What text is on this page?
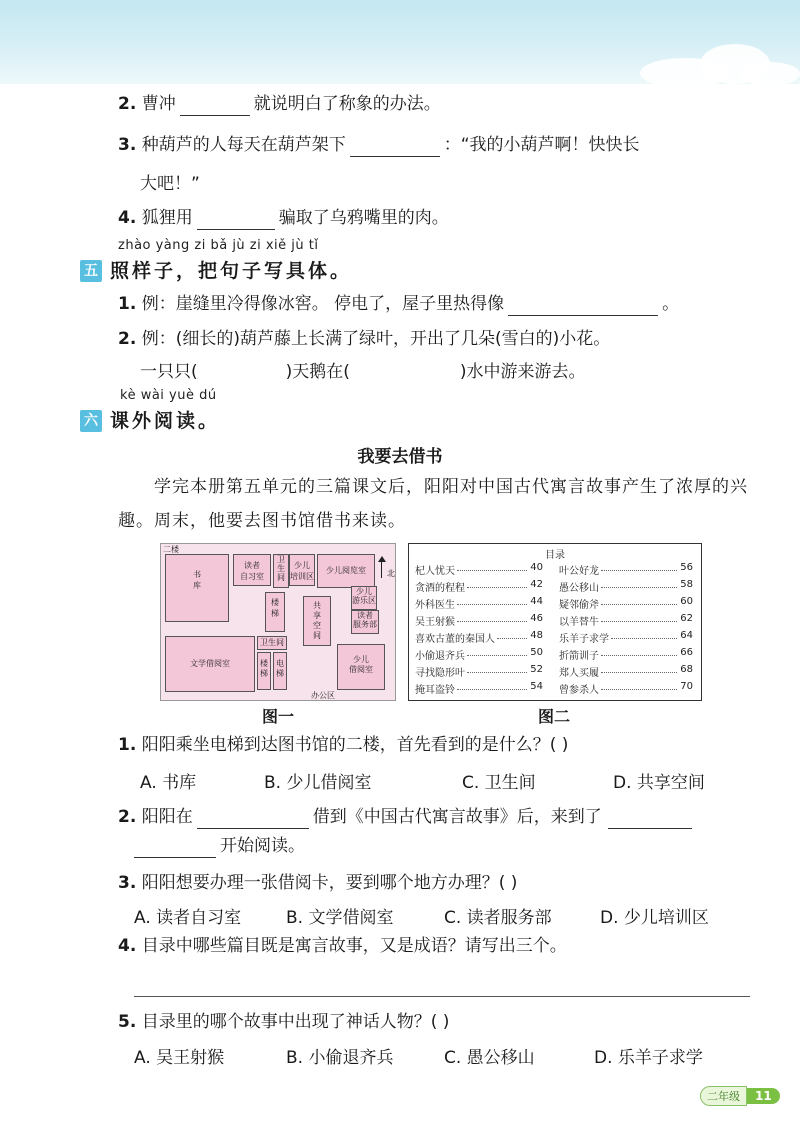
2. 曹冲	就说明白了称象的办法。
3. 种葫芦的人每天在葫芦架下	：“我的小葫芦啊！快快长
大吧！”
4. 狐狸用	骗取了乌鸦嘴里的肉。
zhào yàng zi bǎ jù zi xiě jù tǐ
五 照样子，把句子写具体。
1. 例：崖缝里冷得像冰窖。 停电了，屋子里热得像	。
2. 例：(细长的)葫芦藤上长满了绿叶，开出了几朵(雪白的)小花。
一只只(	)天鹅在(	)水中游来游去。
kè wài yuè dú
六 课外阅读。
我要去借书
学完本册第五单元的三篇课文后，阳阳对中国古代寓言故事产生了浓厚的兴趣。周末，他要去图书馆借书来读。
二楼
书
库
读者
自习室
卫
生
间
少儿
培训区
少儿阅览室
楼
梯
共
享
空
间
少儿
游乐区
读者
服务部
卫生间
文学借阅室	楼
梯
电
梯
少儿
借阅室
办公区
北
目录
杞人忧天	40
贪酒的程程	42
外科医生	44
吴王射猴	46
喜欢古董的秦国人	48
小偷退齐兵	50
寻找隐形叶	52
掩耳盗铃	54
叶公好龙	56
愚公移山	58
疑邻偷斧	60
以羊替牛	62
乐羊子求学	64
折箭训子	66
郑人买履	68
曾参杀人	70
图一	图二
1. 阳阳乘坐电梯到达图书馆的二楼，首先看到的是什么？( )
A. 书库	B. 少儿借阅室	C. 卫生间	D. 共享空间
2. 阳阳在	借到《中国古代寓言故事》后，来到了
开始阅读。
3. 阳阳想要办理一张借阅卡，要到哪个地方办理？( )
A. 读者自习室	B. 文学借阅室	C. 读者服务部	D. 少儿培训区
4. 目录中哪些篇目既是寓言故事，又是成语？请写出三个。
5. 目录里的哪个故事中出现了神话人物？( )
A. 吴王射猴	B. 小偷退齐兵	C. 愚公移山	D. 乐羊子求学
二年级 11
